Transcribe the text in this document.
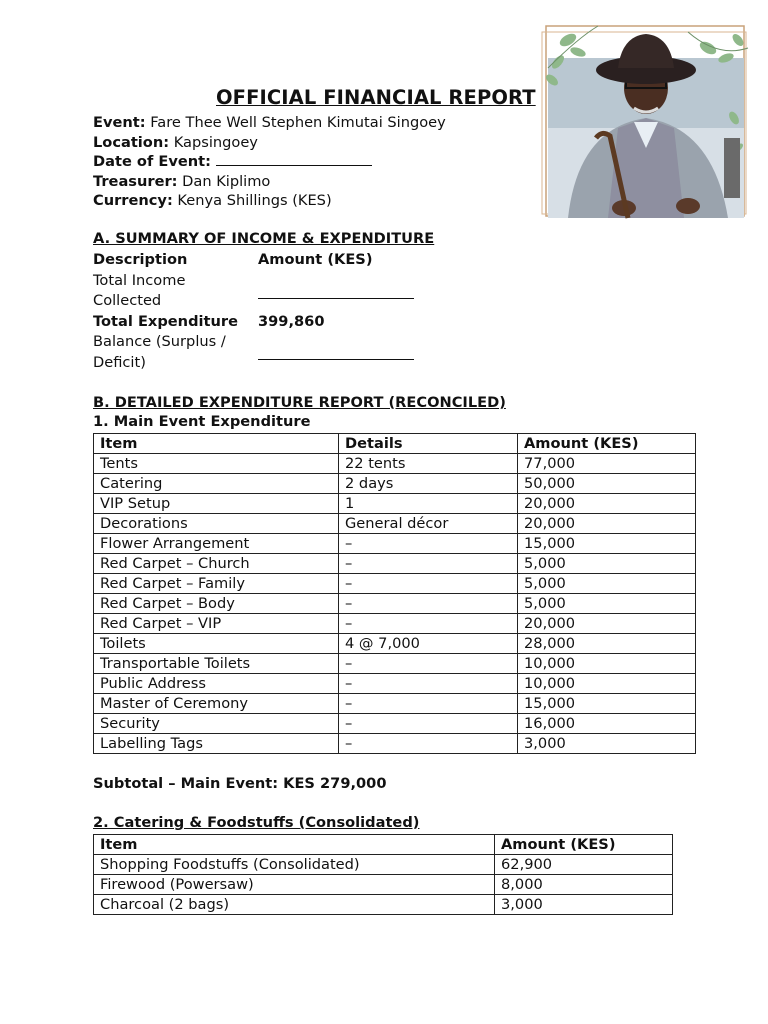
OFFICIAL FINANCIAL REPORT
Event: Fare Thee Well Stephen Kimutai Singoey
Location: Kapsingoey
Date of Event:
Treasurer: Dan Kiplimo
Currency: Kenya Shillings (KES)
A. SUMMARY OF INCOME & EXPENDITURE
Description	Amount (KES)
Total Income
Collected
Total Expenditure 399,860
Balance (Surplus /
Deficit)
B. DETAILED EXPENDITURE REPORT (RECONCILED)
1. Main Event Expenditure
Item	Details	Amount (KES)
Tents	22 tents	77,000
Catering	2 days	50,000
VIP Setup	1	20,000
Decorations	General décor	20,000
Flower Arrangement	–	15,000
Red Carpet – Church	–	5,000
Red Carpet – Family	–	5,000
Red Carpet – Body	–	5,000
Red Carpet – VIP	–	20,000
Toilets	4 @ 7,000	28,000
Transportable Toilets	–	10,000
Public Address	–	10,000
Master of Ceremony	–	15,000
Security	–	16,000
Labelling Tags	–	3,000
Subtotal – Main Event: KES 279,000
2. Catering & Foodstuffs (Consolidated)
Item	Amount (KES)
Shopping Foodstuffs (Consolidated)	62,900
Firewood (Powersaw)	8,000
Charcoal (2 bags)	3,000
